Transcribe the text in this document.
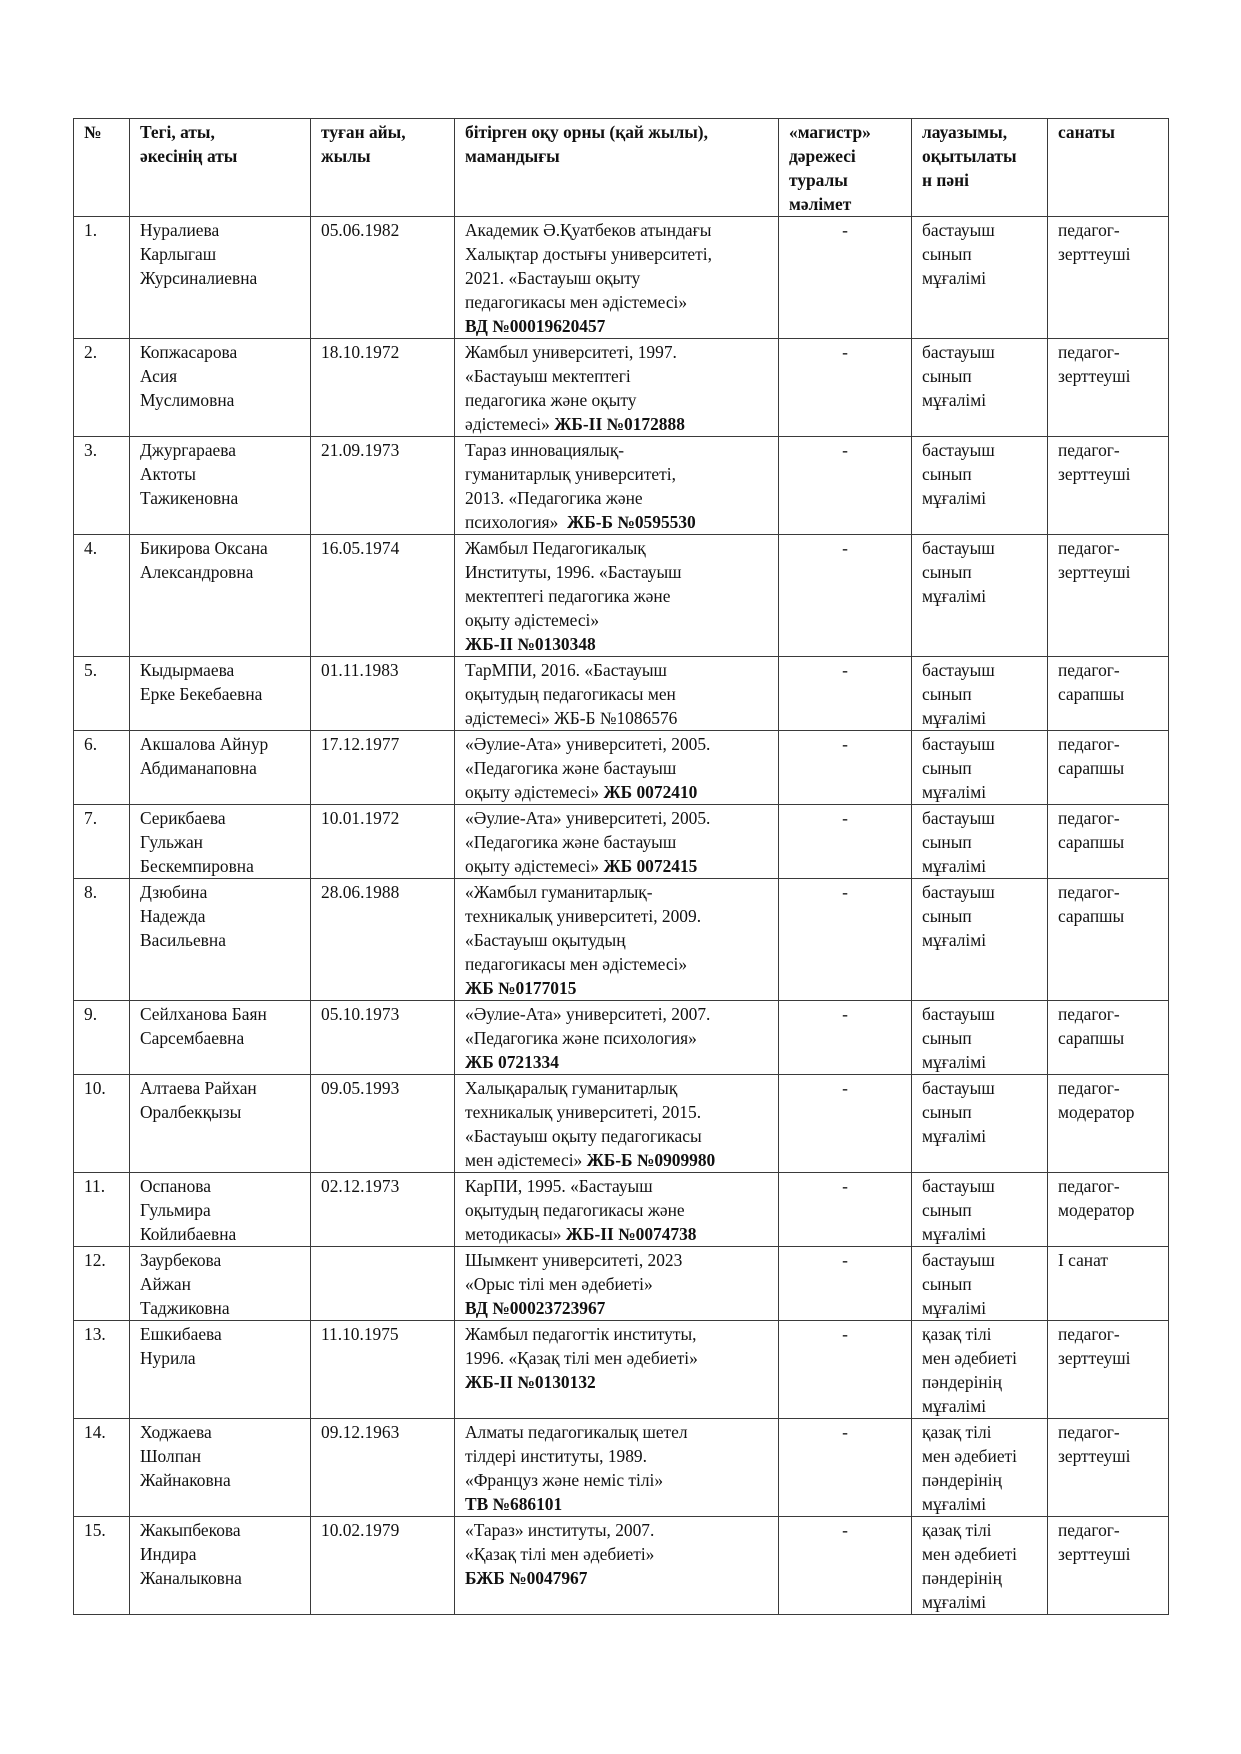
№	Тегі, аты,
әкесінің аты	туған айы,
жылы	бітірген оқу орны (қай жылы),
мамандығы	«магистр»
дәрежесі
туралы
мәлімет	лауазымы,
оқытылаты
н пәні	санаты

1.	Нуралиева
Карлыгаш
Журсиналиевна	05.06.1982	Академик Ә.Қуатбеков атындағы
Халықтар достығы университеті,
2021. «Бастауыш оқыту
педагогикасы мен әдістемесі»
ВД №00019620457	-	бастауыш
сынып
мұғалімі	педагог-
зерттеуші

2.	Копжасарова
Асия
Муслимовна	18.10.1972	Жамбыл университеті, 1997.
«Бастауыш мектептегі
педагогика және оқыту
әдістемесі» ЖБ-ІІ №0172888	-	бастауыш
сынып
мұғалімі	педагог-
зерттеуші

3.	Джургараева
Актоты
Тажикеновна	21.09.1973	Тараз инновациялық-
гуманитарлық университеті,
2013. «Педагогика және
психология»  ЖБ-Б №0595530	-	бастауыш
сынып
мұғалімі	педагог-
зерттеуші

4.	Бикирова Оксана
Александровна	16.05.1974	Жамбыл Педагогикалық
Институты, 1996. «Бастауыш
мектептегі педагогика және
оқыту әдістемесі»
ЖБ-ІІ №0130348	-	бастауыш
сынып
мұғалімі	педагог-
зерттеуші

5.	Кыдырмаева
Ерке Бекебаевна	01.11.1983	ТарМПИ, 2016. «Бастауыш
оқытудың педагогикасы мен
әдістемесі» ЖБ-Б №1086576	-	бастауыш
сынып
мұғалімі	педагог-
сарапшы

6.	Акшалова Айнур
Абдиманаповна	17.12.1977	«Әулие-Ата» университеті, 2005.
«Педагогика және бастауыш
оқыту әдістемесі» ЖБ 0072410	-	бастауыш
сынып
мұғалімі	педагог-
сарапшы

7.	Серикбаева
Гульжан
Бескемпировна	10.01.1972	«Әулие-Ата» университеті, 2005.
«Педагогика және бастауыш
оқыту әдістемесі» ЖБ 0072415	-	бастауыш
сынып
мұғалімі	педагог-
сарапшы

8.	Дзюбина
Надежда
Васильевна	28.06.1988	«Жамбыл гуманитарлық-
техникалық университеті, 2009.
«Бастауыш оқытудың
педагогикасы мен әдістемесі»
ЖБ №0177015	-	бастауыш
сынып
мұғалімі	педагог-
сарапшы

9.	Сейлханова Баян
Сарсембаевна	05.10.1973	«Әулие-Ата» университеті, 2007.
«Педагогика және психология»
ЖБ 0721334	-	бастауыш
сынып
мұғалімі	педагог-
сарапшы

10.	Алтаева Райхан
Оралбекқызы	09.05.1993	Халықаралық гуманитарлық
техникалық университеті, 2015.
«Бастауыш оқыту педагогикасы
мен әдістемесі» ЖБ-Б №0909980	-	бастауыш
сынып
мұғалімі	педагог-
модератор

11.	Оспанова
Гульмира
Койлибаевна	02.12.1973	КарПИ, 1995. «Бастауыш
оқытудың педагогикасы және
методикасы» ЖБ-ІІ №0074738	-	бастауыш
сынып
мұғалімі	педагог-
модератор

12.	Заурбекова
Айжан
Таджиковна		Шымкент университеті, 2023
«Орыс тілі мен әдебиеті»
ВД №00023723967	-	бастауыш
сынып
мұғалімі	І санат

13.	Ешкибаева
Нурила	11.10.1975	Жамбыл педагогтік институты,
1996. «Қазақ тілі мен әдебиеті»
ЖБ-ІІ №0130132	-	қазақ тілі
мен әдебиеті
пәндерінің
мұғалімі	педагог-
зерттеуші

14.	Ходжаева
Шолпан
Жайнаковна	09.12.1963	Алматы педагогикалық шетел
тілдері институты, 1989.
«Француз және неміс тілі»
ТВ №686101	-	қазақ тілі
мен әдебиеті
пәндерінің
мұғалімі	педагог-
зерттеуші

15.	Жакыпбекова
Индира
Жаналыковна	10.02.1979	«Тараз» институты, 2007.
«Қазақ тілі мен әдебиеті»
БЖБ №0047967	-	қазақ тілі
мен әдебиеті
пәндерінің
мұғалімі	педагог-
зерттеуші
